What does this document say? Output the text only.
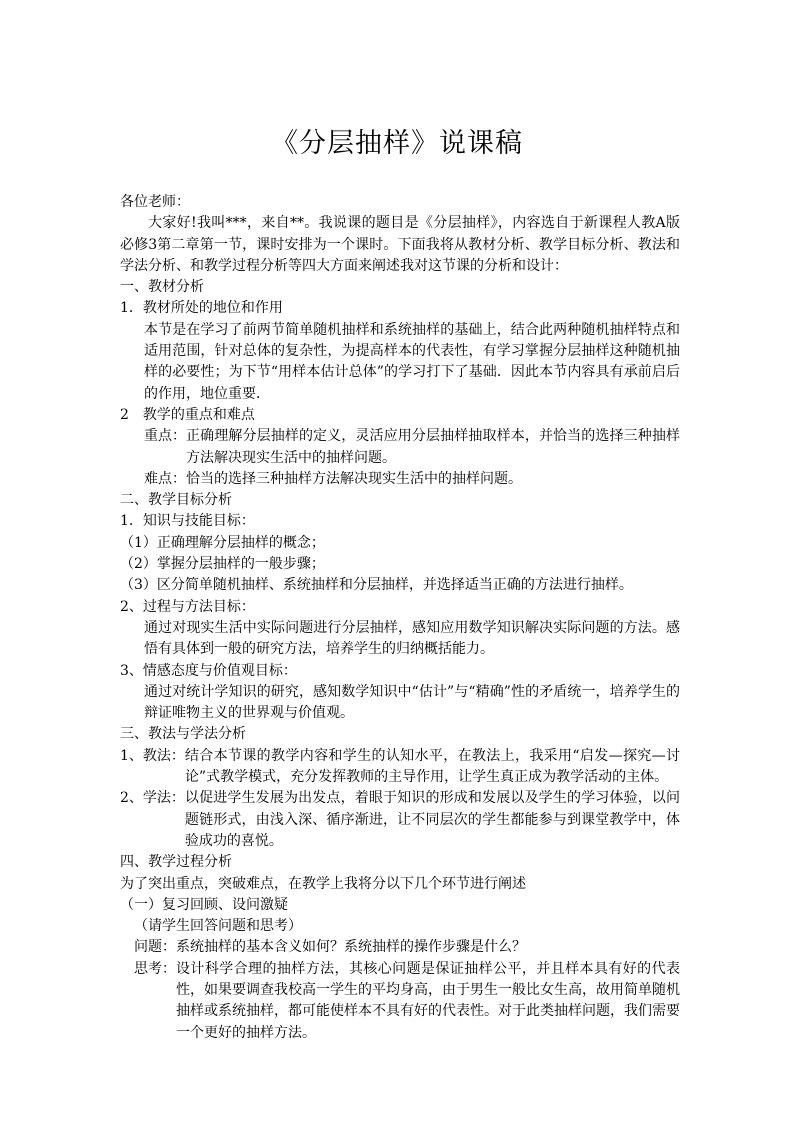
《分层抽样》说课稿
各位老师：
大家好!我叫***，来自**。我说课的题目是《分层抽样》，内容选自于新课程人教A版必修3第二章第一节，课时安排为一个课时。下面我将从教材分析、教学目标分析、教法和学法分析、和教学过程分析等四大方面来阐述我对这节课的分析和设计：
一、教材分析
1．教材所处的地位和作用
本节是在学习了前两节简单随机抽样和系统抽样的基础上，结合此两种随机抽样特点和适用范围，针对总体的复杂性，为提高样本的代表性，有学习掌握分层抽样这种随机抽样的必要性；为下节“用样本估计总体”的学习打下了基础．因此本节内容具有承前启后的作用，地位重要．
2　教学的重点和难点
重点： 正确理解分层抽样的定义，灵活应用分层抽样抽取样本，并恰当的选择三种抽样方法解决现实生活中的抽样问题。
难点： 恰当的选择三种抽样方法解决现实生活中的抽样问题。
二、教学目标分析
1．知识与技能目标：
（1）正确理解分层抽样的概念；
（2）掌握分层抽样的一般步骤；
（3）区分简单随机抽样、系统抽样和分层抽样，并选择适当正确的方法进行抽样。
2、过程与方法目标：
通过对现实生活中实际问题进行分层抽样，感知应用数学知识解决实际问题的方法。感悟有具体到一般的研究方法，培养学生的归纳概括能力。
3、情感态度与价值观目标：
通过对统计学知识的研究，感知数学知识中“估计”与“精确”性的矛盾统一，培养学生的辩证唯物主义的世界观与价值观。
三、教法与学法分析
1、教法： 结合本节课的教学内容和学生的认知水平，在教法上，我采用“启发—探究—讨论”式教学模式，充分发挥教师的主导作用，让学生真正成为教学活动的主体。
2、学法： 以促进学生发展为出发点，着眼于知识的形成和发展以及学生的学习体验，以问题链形式，由浅入深、循序渐进，让不同层次的学生都能参与到课堂教学中，体验成功的喜悦。
四、教学过程分析
为了突出重点，突破难点，在教学上我将分以下几个环节进行阐述
（一）复习回顾、设问激疑
（请学生回答问题和思考）
问题： 系统抽样的基本含义如何？系统抽样的操作步骤是什么？
思考： 设计科学合理的抽样方法，其核心问题是保证抽样公平，并且样本具有好的代表性，如果要调查我校高一学生的平均身高，由于男生一般比女生高，故用简单随机抽样或系统抽样，都可能使样本不具有好的代表性。对于此类抽样问题，我们需要一个更好的抽样方法。
